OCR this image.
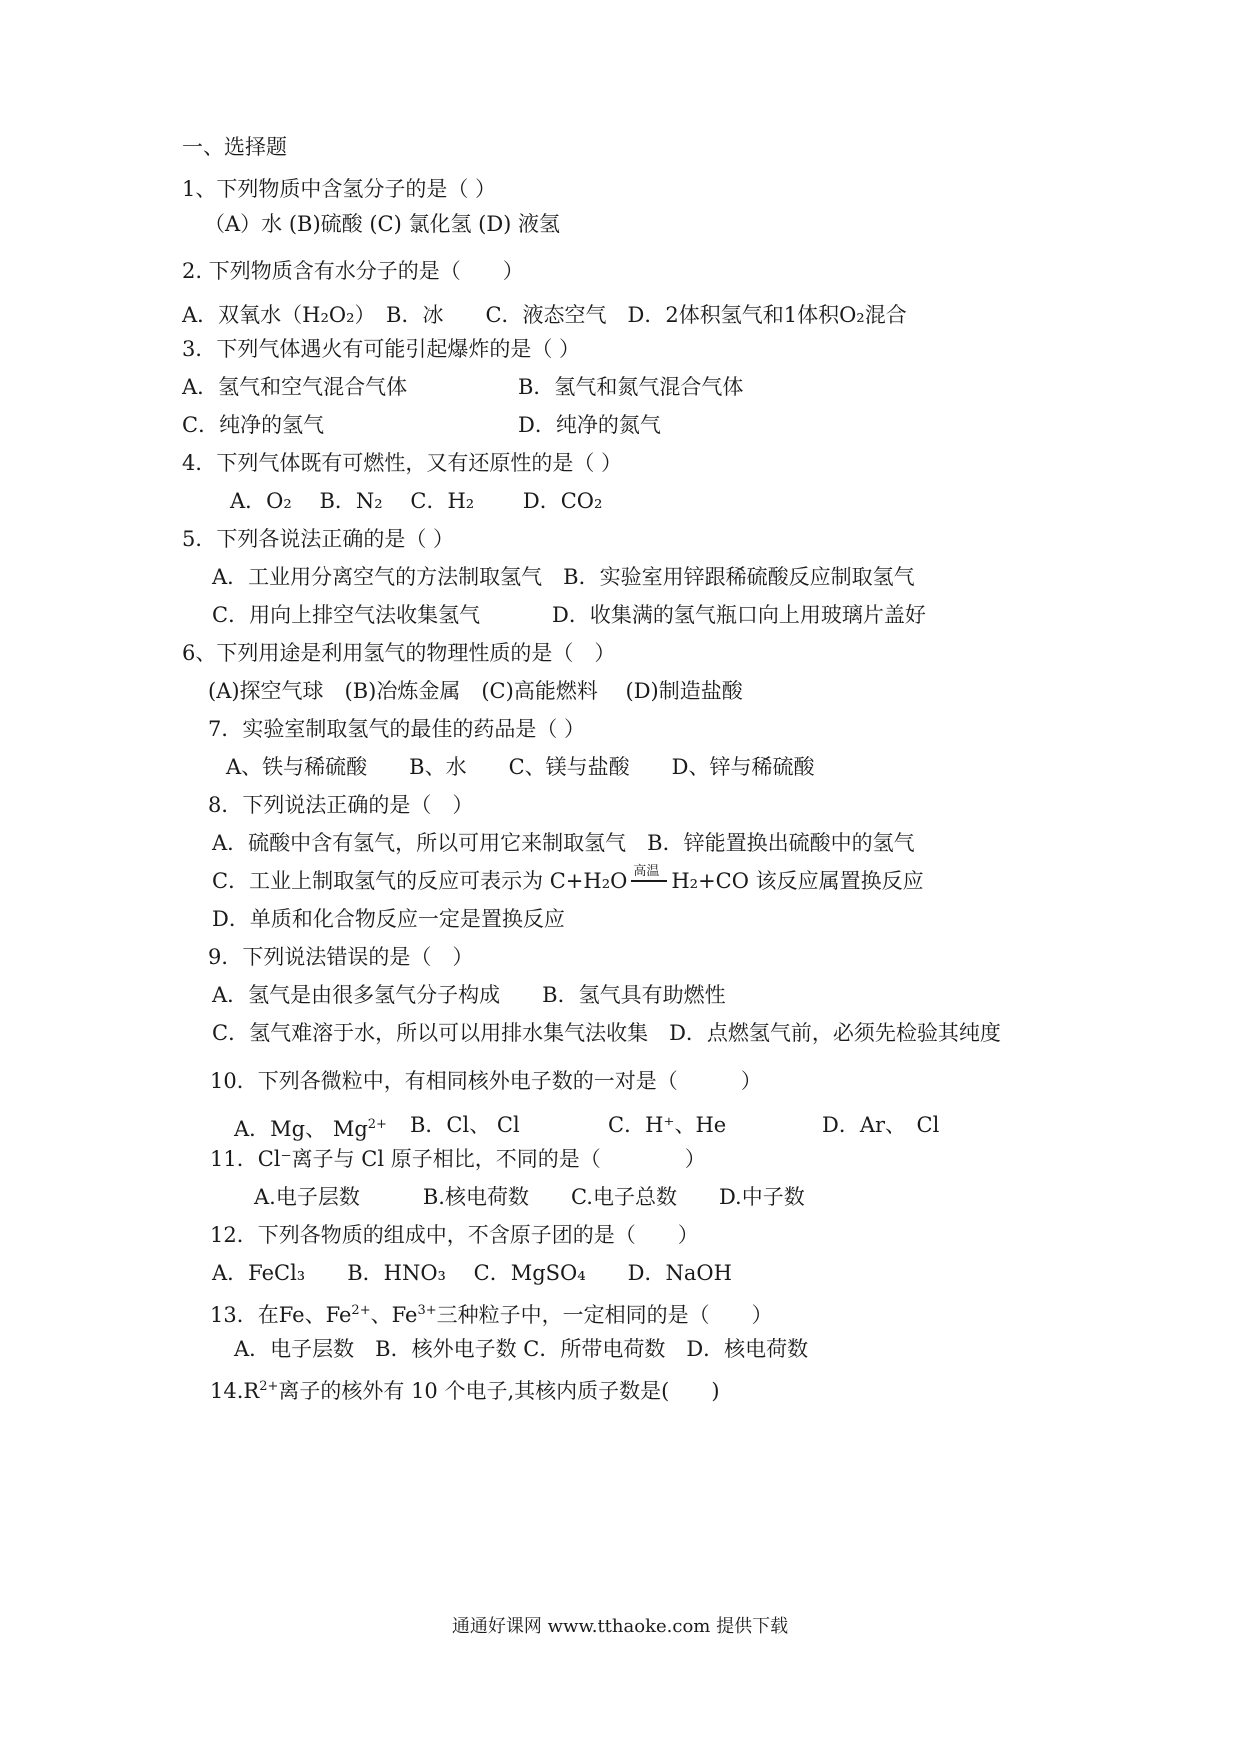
一、选择题
1、下列物质中含氢分子的是（ ）
（A）水 (B)硫酸 (C) 氯化氢 (D) 液氢
2. 下列物质含有水分子的是（　　）
A．双氧水（H₂O₂）　B．冰　　C．液态空气　D．2体积氢气和1体积O₂混合
3．下列气体遇火有可能引起爆炸的是（ ）
A．氢气和空气混合气体	B．氢气和氮气混合气体
C．纯净的氢气	D．纯净的氮气
4．下列气体既有可燃性，又有还原性的是（ ）
A．O₂　 B．N₂　 C．H₂　　 D．CO₂
5．下列各说法正确的是（ ）
A．工业用分离空气的方法制取氢气　B．实验室用锌跟稀硫酸反应制取氢气
C．用向上排空气法收集氢气	D．收集满的氢气瓶口向上用玻璃片盖好
6、下列用途是利用氢气的物理性质的是（　）
(A)探空气球　(B)冶炼金属　(C)高能燃料　 (D)制造盐酸
7．实验室制取氢气的最佳的药品是（ ）
A、铁与稀硫酸　　B、水　　C、镁与盐酸　　D、锌与稀硫酸
8．下列说法正确的是（　）
A．硫酸中含有氢气，所以可用它来制取氢气　B．锌能置换出硫酸中的氢气
C．工业上制取氢气的反应可表示为 C+H₂O 高温 H₂+CO 该反应属置换反应
D．单质和化合物反应一定是置换反应
9．下列说法错误的是（　）
A．氢气是由很多氢气分子构成　　B．氢气具有助燃性
C．氢气难溶于水，所以可以用排水集气法收集　D．点燃氢气前，必须先检验其纯度
10．下列各微粒中，有相同核外电子数的一对是（　　　）
A．Mg、 $Mg^{2+}$ B．Cl、 Cl	C．H⁺、He	D．Ar、　Cl
11．Cl⁻离子与 Cl 原子相比，不同的是（　　　　）
A.电子层数　　　B.核电荷数　　C.电子总数　　D.中子数
12．下列各物质的组成中，不含原子团的是（　　）
A．FeCl₃　　B．HNO₃　 C．MgSO₄　　D．NaOH
13．在Fe、$Fe^{2+}$、$Fe^{3+}$三种粒子中，一定相同的是（　　）
A．电子层数　B．核外电子数 C．所带电荷数　D．核电荷数
$14.R^{2+}$离子的核外有 10 个电子,其核内质子数是(　　)
通通好课网 www.tthaoke.com 提供下载
